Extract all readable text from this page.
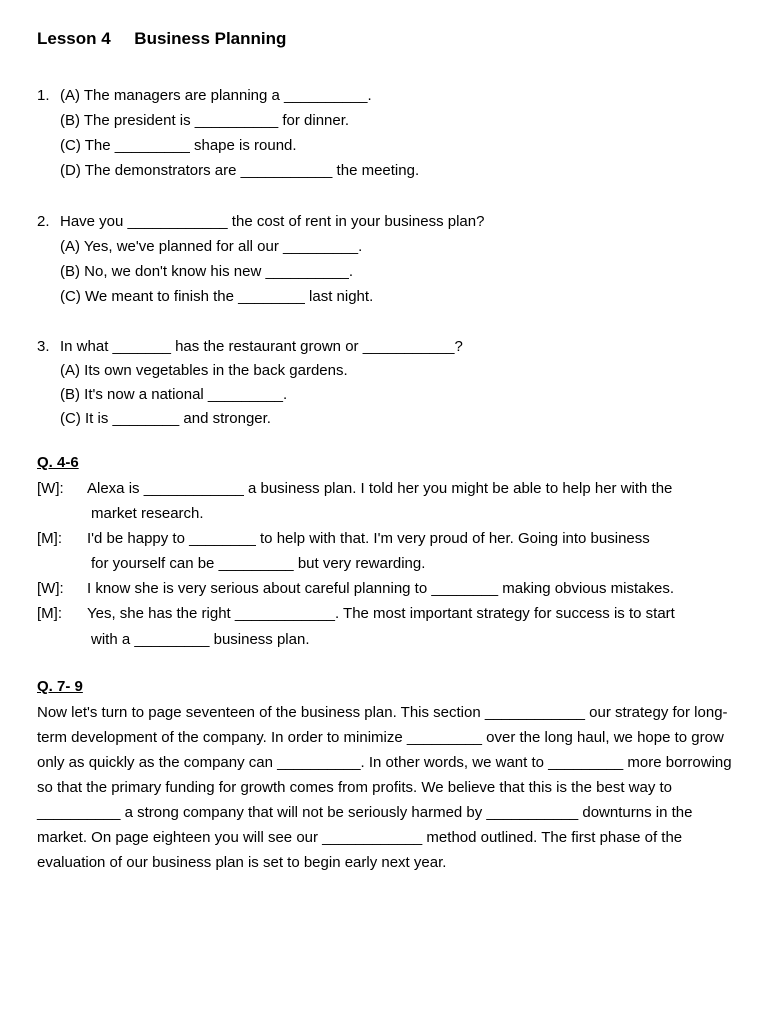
Lesson 4     Business Planning
1. (A) The managers are planning a __________.
(B) The president is __________ for dinner.
(C) The _________ shape is round.
(D) The demonstrators are ___________ the meeting.
2. Have you ____________ the cost of rent in your business plan?
(A) Yes, we've planned for all our _________.
(B) No, we don't know his new __________.
(C) We meant to finish the ________ last night.
3. In what _______ has the restaurant grown or ___________?
(A) Its own vegetables in the back gardens.
(B) It's now a national _________.
(C) It is ________ and stronger.
Q. 4-6
[W]: Alexa is ____________ a business plan. I told her you might be able to help her with the
market research.
[M]: I'd be happy to ________ to help with that. I'm very proud of her. Going into business
for yourself can be _________ but very rewarding.
[W]: I know she is very serious about careful planning to ________ making obvious mistakes.
[M]: Yes, she has the right ____________. The most important strategy for success is to start
with a _________ business plan.
Q. 7- 9
Now let's turn to page seventeen of the business plan. This section ____________ our strategy for long-term development of the company. In order to minimize _________ over the long haul, we hope to grow only as quickly as the company can __________. In other words, we want to _________ more borrowing so that the primary funding for growth comes from profits. We believe that this is the best way to __________ a strong company that will not be seriously harmed by ___________ downturns in the market. On page eighteen you will see our ____________ method outlined. The first phase of the evaluation of our business plan is set to begin early next year.
